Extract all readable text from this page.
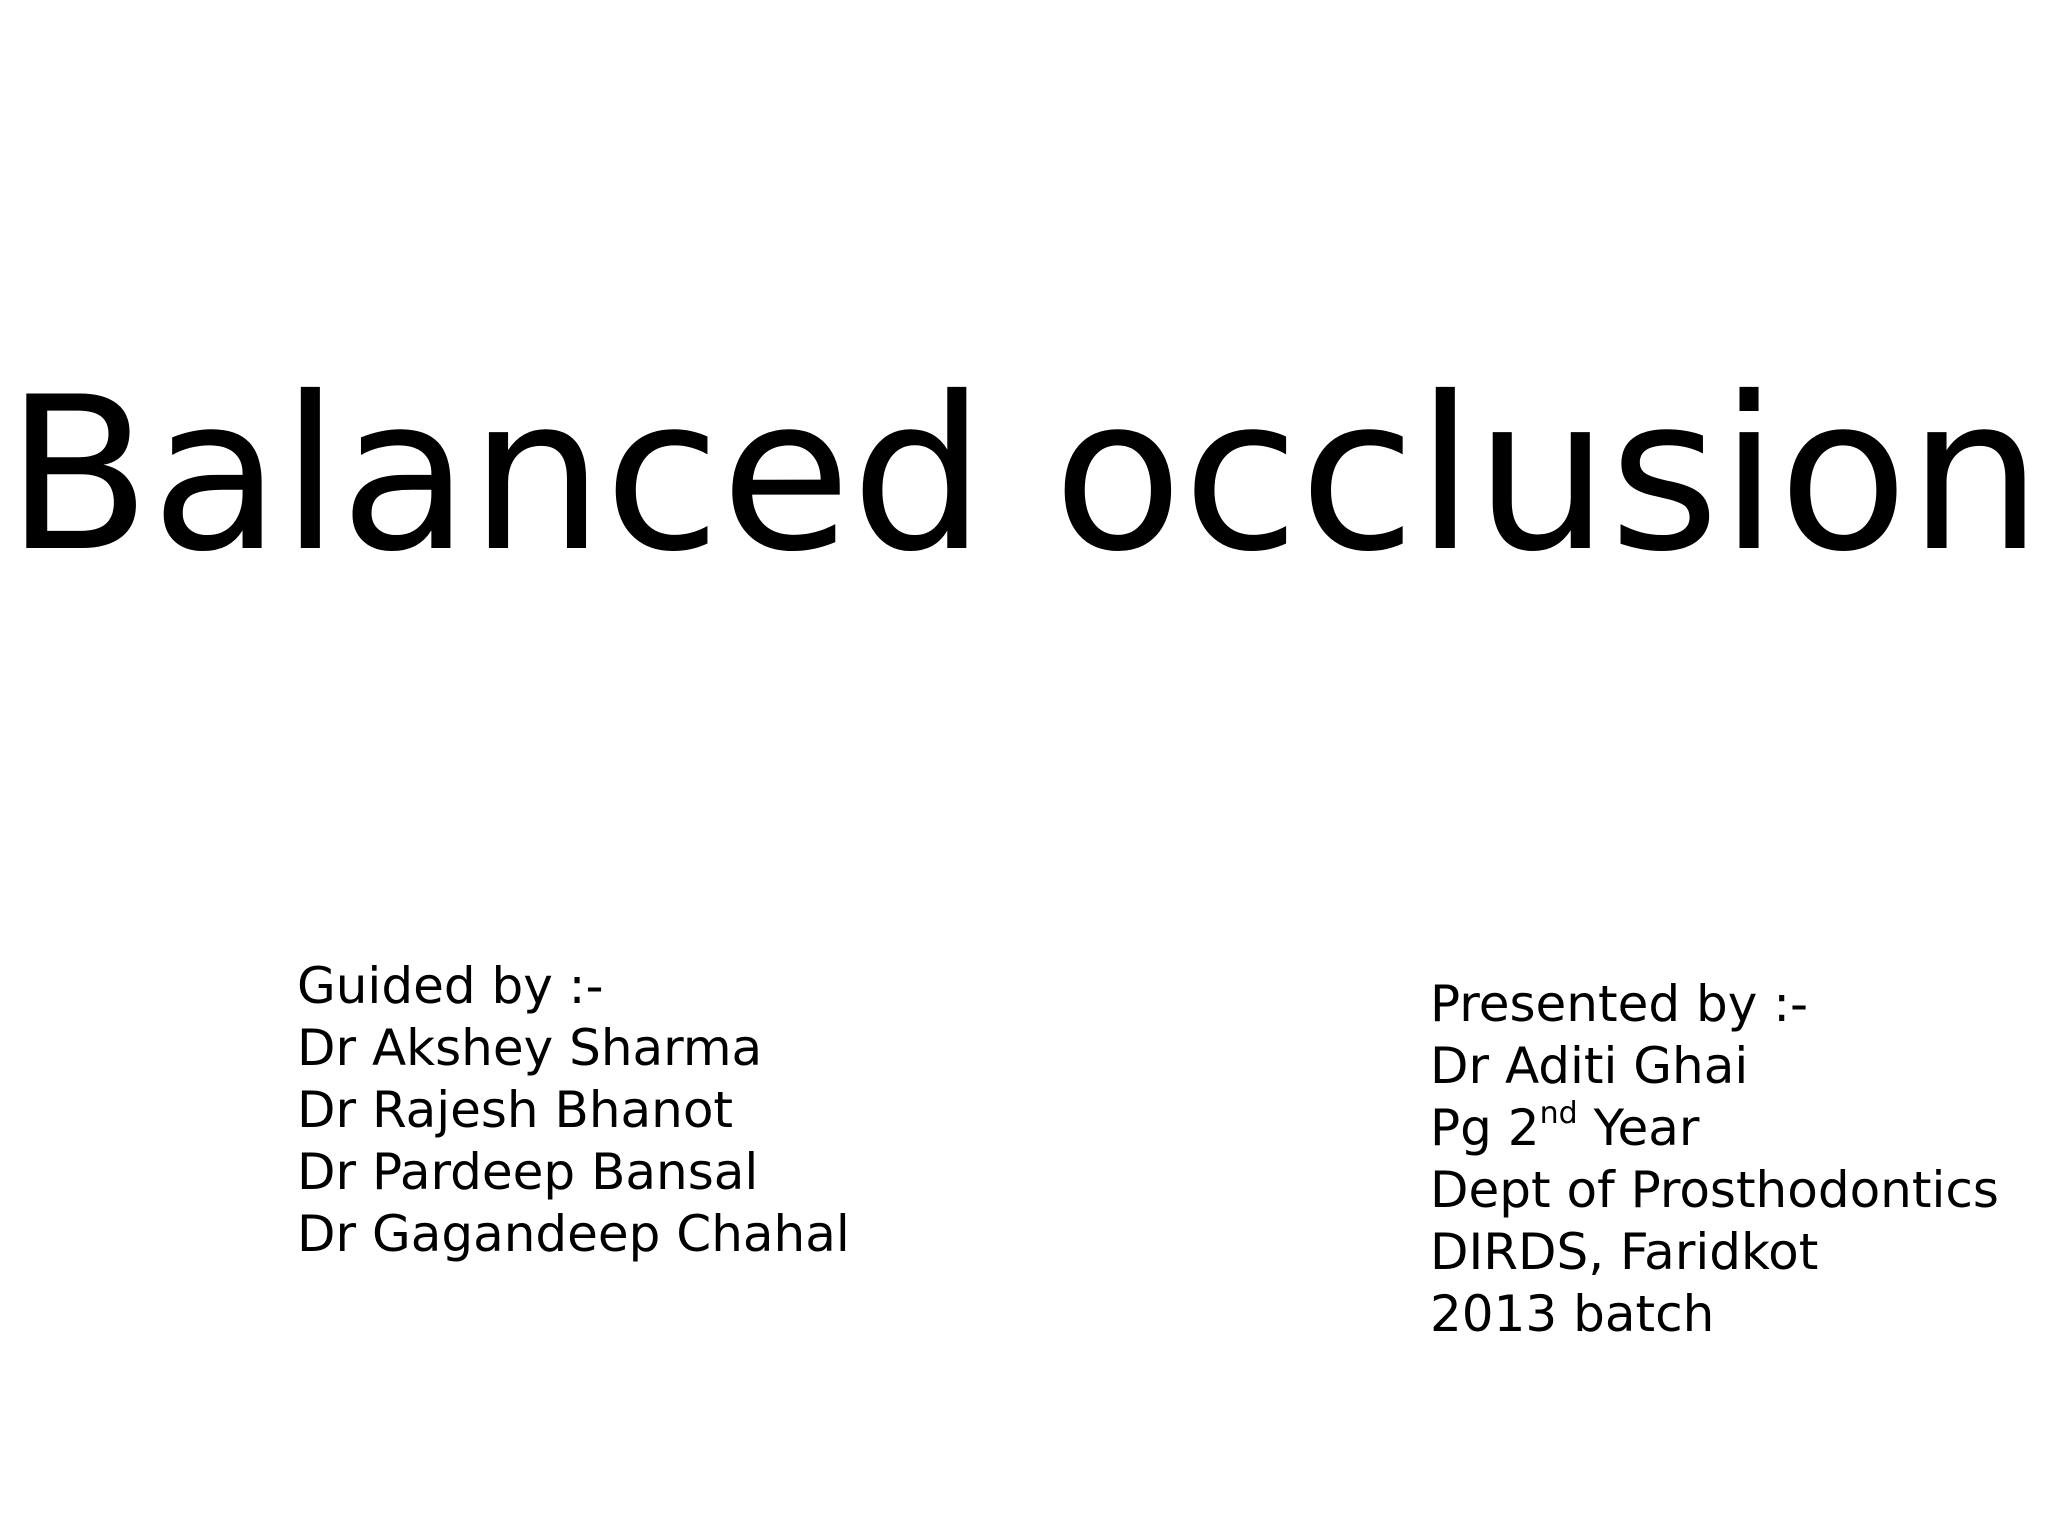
Balanced occlusion
Guided by :-
Dr Akshey Sharma
Dr Rajesh Bhanot
Dr Pardeep Bansal
Dr Gagandeep Chahal
Presented by :-
Dr Aditi Ghai
Pg 2nd Year
Dept of Prosthodontics
DIRDS, Faridkot
2013 batch
